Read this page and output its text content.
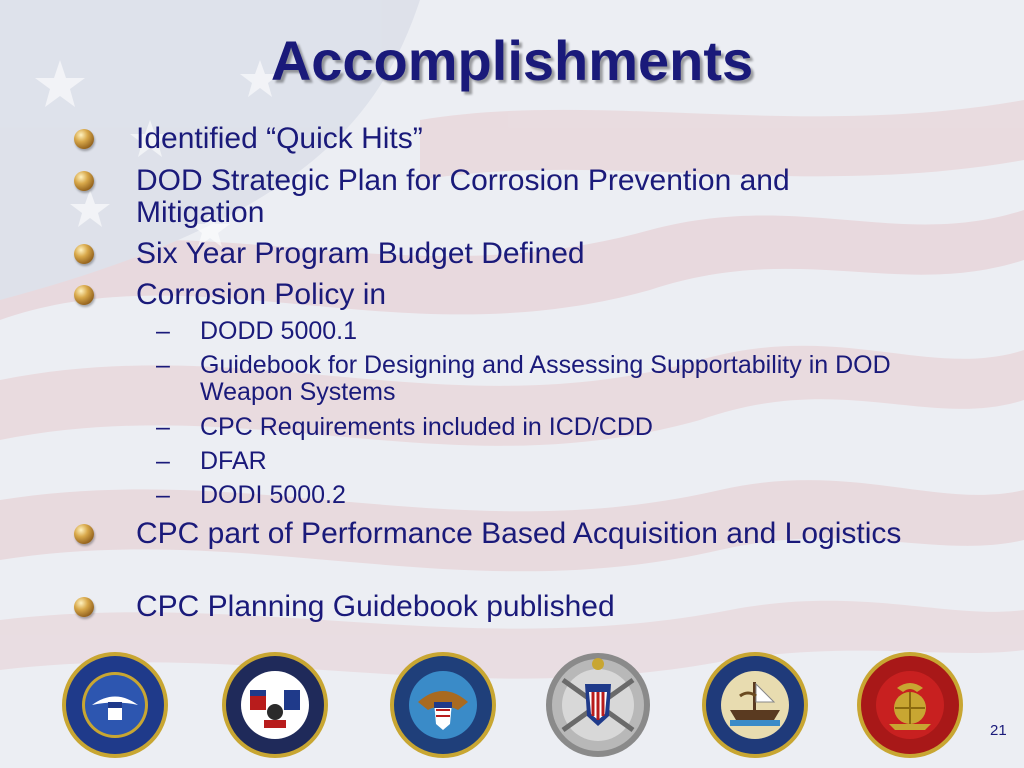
Accomplishments
Identified “Quick Hits”
DOD Strategic Plan for Corrosion Prevention and Mitigation
Six Year Program Budget Defined
Corrosion Policy in
– DODD 5000.1
– Guidebook for Designing and Assessing Supportability in DOD Weapon Systems
– CPC Requirements included in ICD/CDD
– DFAR
– DODI 5000.2
CPC part of Performance Based Acquisition and Logistics
CPC Planning Guidebook published
21
